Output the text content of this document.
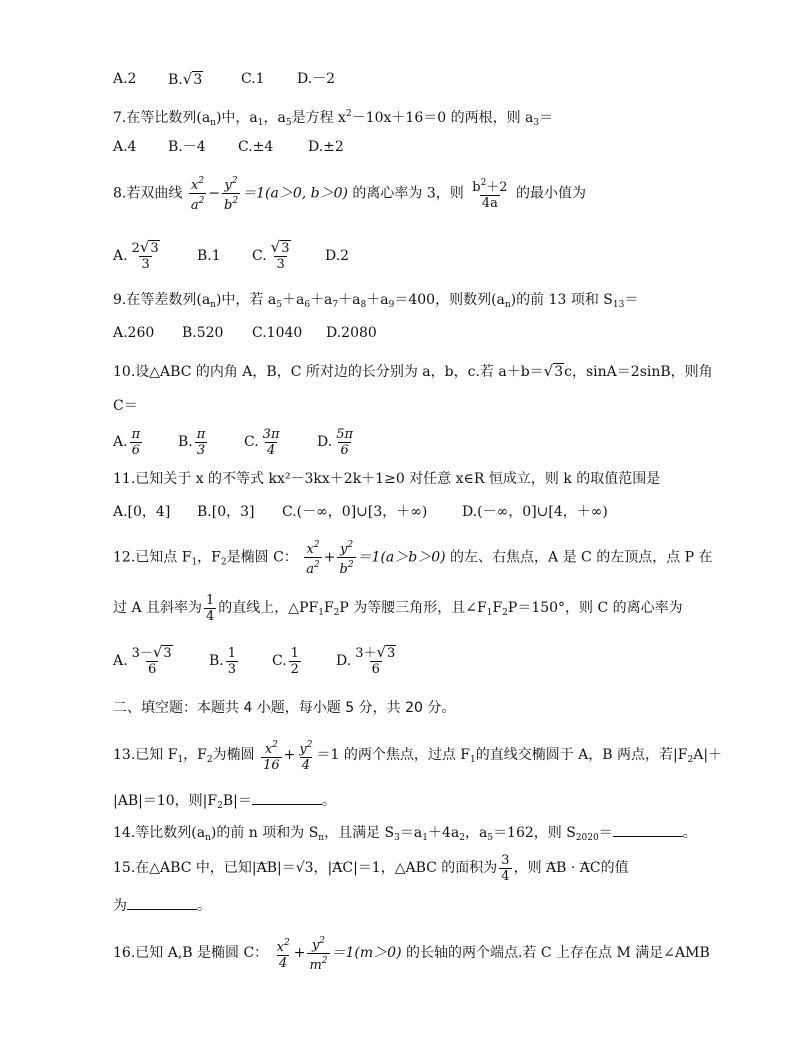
A.2 B.√3	C.1 D.－2
7.在等比数列$(a_n)$中，$a_1$，$a_5$是方程 $x^2-10x+16=0$ 的两根，则 $a_3=$
A.4 B.－4 C.±4 D.±2
8.若双曲线 $\frac{x^2}{a^2} - \frac{y^2}{b^2} =1(a>0$, b＞0) 的离心率为 3，则 $\frac{b^2+2}{4a}$ 的最小值为
A. $\frac{2√3}{3}$	B.1 C. $\frac{√3}{3} D.2$
9.在等差数列$(a_n)$中，若 $a_5+a_6+a_7+a_8+a_9=400$，则数列$(a_n)$的前 13 项和 $S_{13}=$
A.260 B.520 C.1040 D.2080
10.设△ABC 的内角 A，B，C 所对边的长分别为 a，b，c.若 a＋b＝√3c，sinA＝2sinB，则角
C＝
A. $\frac{\pi}{6}$	B. $\frac{\pi}{3}$	C. $\frac{3\pi}{4}$	D. $\frac{5\pi}{6}$
11.已知关于 x 的不等式 kx²－3kx＋2k＋1≥0 对任意 x∈R 恒成立，则 k 的取值范围是
A.[0，4] B.[0，3] C.(－∞，0]∪[3，＋∞) D.(－∞，0]∪[4，＋∞)
12.已知点 $F_1$，$F_2$是椭圆 C： $\frac{x^2}{a^2} + \frac{y^2}{b^2} =1(a>b>0)$ 的左、右焦点，A 是 C 的左顶点，点 P 在
过 A 且斜率为 $\frac{1}{4}$ 的直线上，$\triangle PF_1F_2P$ 为等腰三角形，且$\angle F_1F_2P=150^\circ$，则 C 的离心率为
A. $\frac{3-√3}{6} B$. $\frac{1}{3} C$. $\frac{1}{2}$	D. $\frac{3+√3}{6}$
二、填空题：本题共 4 小题，每小题 5 分，共 20 分。
13.已知 $F_1$，$F_2$为椭圆 $\frac{x^2}{16} + \frac{y^2}{4} =1$ 的两个焦点，过点 $F_1$的直线交椭圆于 A，B 两点，若$|F_2A|+$
|AB|＝10，则$|F_2B|=$	。
14.等比数列$(a_n)$的前 n 项和为 $S_n$，且满足 $S_3=a_1+4a_2$，$a_5=162$，则 $S_{2020}=$	。
15.在△ABC 中，已知|‿‿ AB|＝√3，|‿‿ AC|＝1，△ABC 的面积为 $\frac{3}{4}$ ，则 ‿‿ AB · ‿‿ AC的值
为	。
16.已知 A,B 是椭圆 C： $\frac{x^2}{4} + \frac{y^2}{m^2} =1(m>0)$ 的长轴的两个端点.若 C 上存在点 M 满足∠AMB
